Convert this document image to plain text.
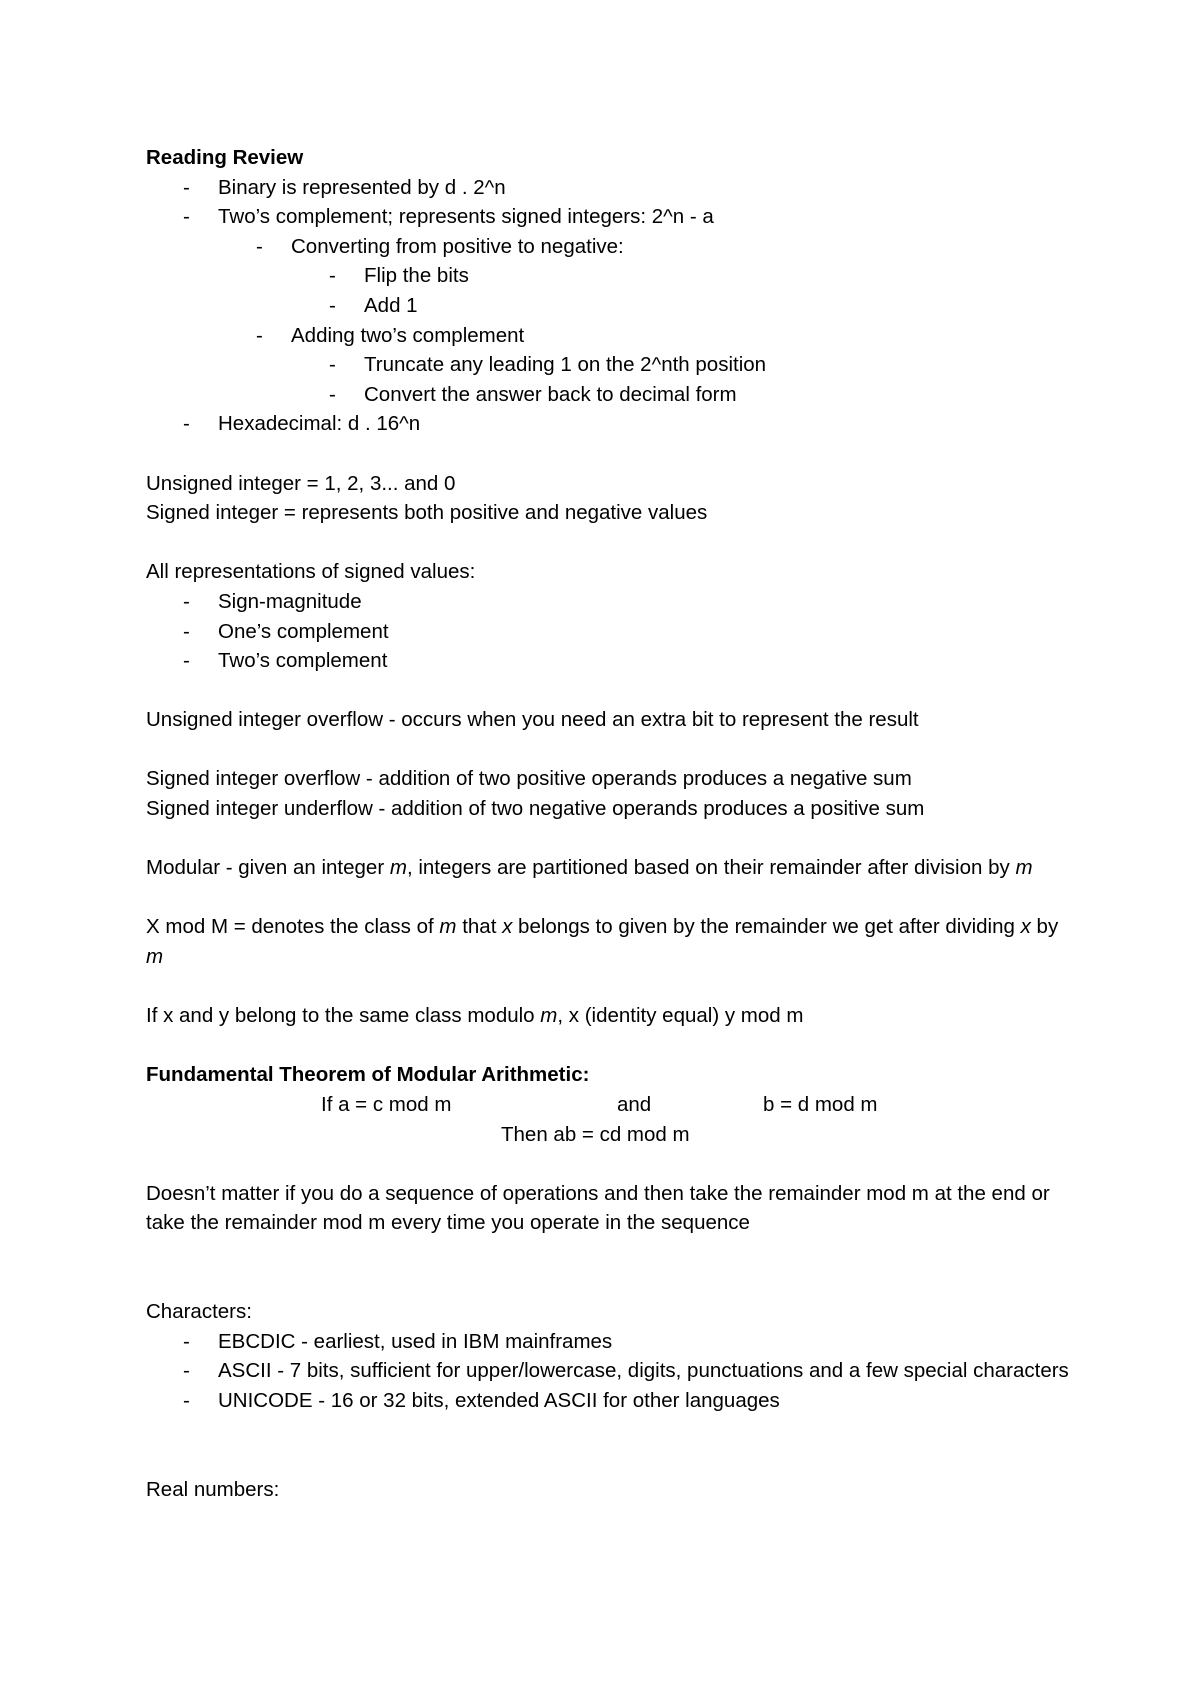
Reading Review
- Binary is represented by d . 2^n
- Two’s complement; represents signed integers: 2^n - a
- Converting from positive to negative:
- Flip the bits
- Add 1
- Adding two’s complement
- Truncate any leading 1 on the 2^nth position
- Convert the answer back to decimal form
- Hexadecimal: d . 16^n
Unsigned integer = 1, 2, 3... and 0
Signed integer = represents both positive and negative values
All representations of signed values:
- Sign-magnitude
- One’s complement
- Two’s complement
Unsigned integer overflow - occurs when you need an extra bit to represent the result
Signed integer overflow - addition of two positive operands produces a negative sum
Signed integer underflow - addition of two negative operands produces a positive sum
Modular - given an integer m, integers are partitioned based on their remainder after division by m
X mod M = denotes the class of m that x belongs to given by the remainder we get after dividing x by m
If x and y belong to the same class modulo m, x (identity equal) y mod m
Fundamental Theorem of Modular Arithmetic:
If a = c mod m	and	b = d mod m
Then ab = cd mod m
Doesn’t matter if you do a sequence of operations and then take the remainder mod m at the end or take the remainder mod m every time you operate in the sequence
Characters:
- EBCDIC - earliest, used in IBM mainframes
- ASCII - 7 bits, sufficient for upper/lowercase, digits, punctuations and a few special characters
- UNICODE - 16 or 32 bits, extended ASCII for other languages
Real numbers:
